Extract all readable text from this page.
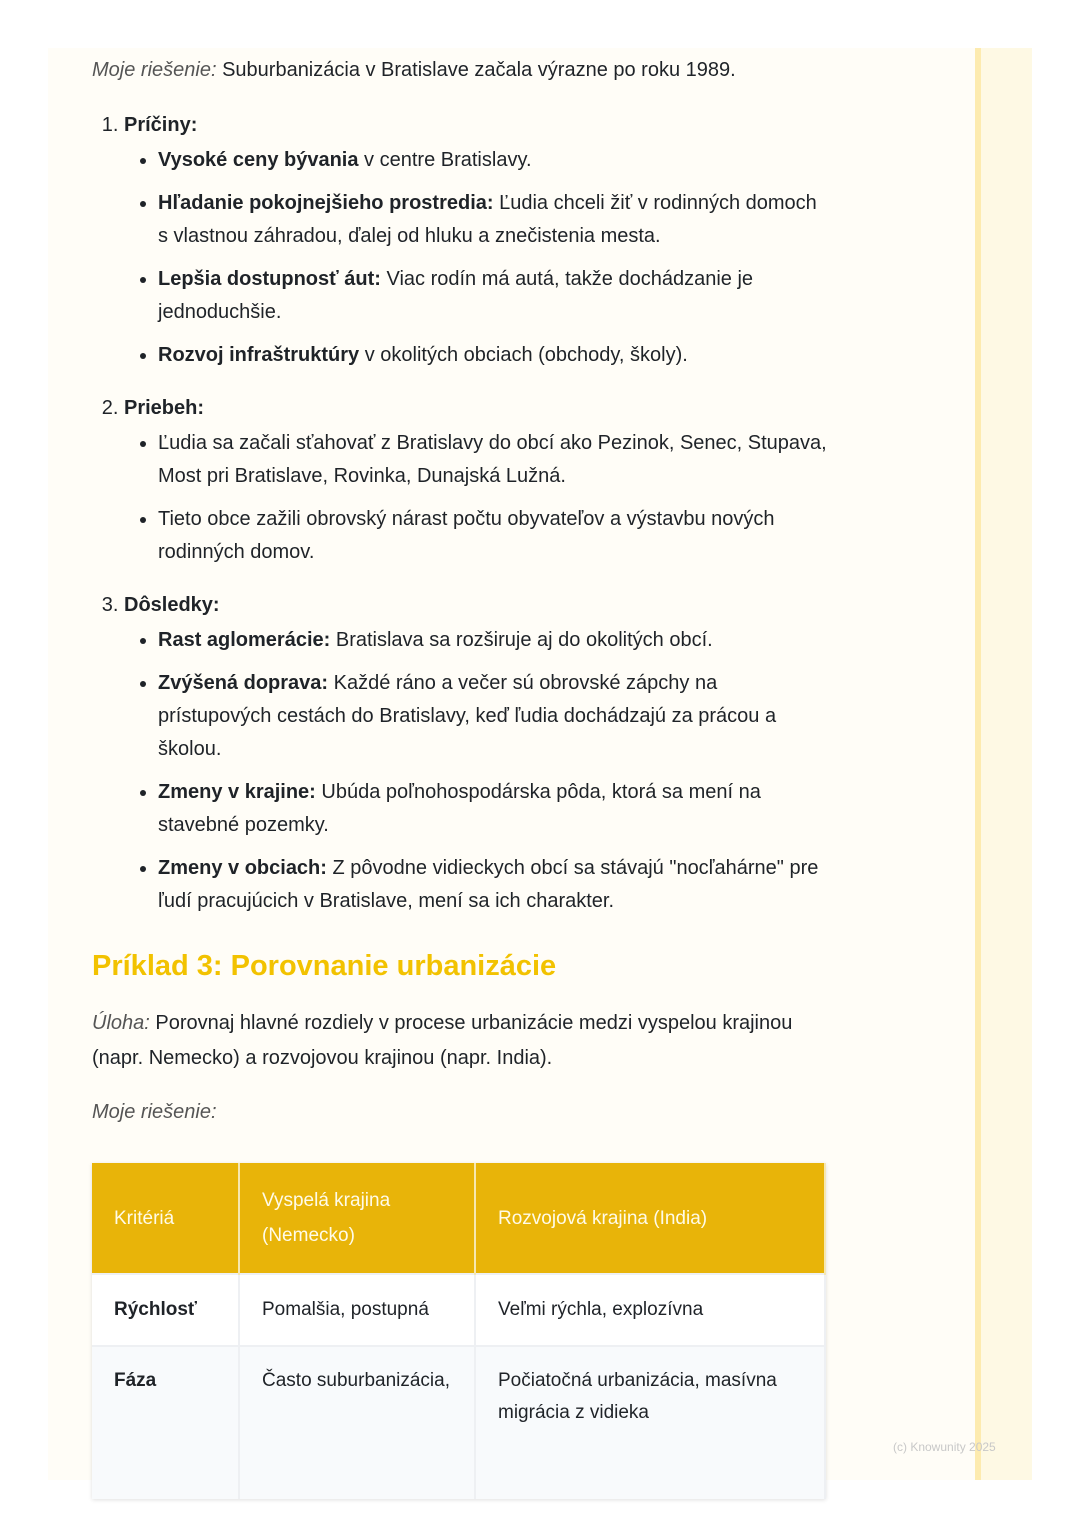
Moje riešenie: Suburbanizácia v Bratislave začala výrazne po roku 1989.

1. Príčiny:
• Vysoké ceny bývania v centre Bratislavy.
• Hľadanie pokojnejšieho prostredia: Ľudia chceli žiť v rodinných domoch s vlastnou záhradou, ďalej od hluku a znečistenia mesta.
• Lepšia dostupnosť áut: Viac rodín má autá, takže dochádzanie je jednoduchšie.
• Rozvoj infraštruktúry v okolitých obciach (obchody, školy).
2. Priebeh:
• Ľudia sa začali sťahovať z Bratislavy do obcí ako Pezinok, Senec, Stupava, Most pri Bratislave, Rovinka, Dunajská Lužná.
• Tieto obce zažili obrovský nárast počtu obyvateľov a výstavbu nových rodinných domov.
3. Dôsledky:
• Rast aglomerácie: Bratislava sa rozširuje aj do okolitých obcí.
• Zvýšená doprava: Každé ráno a večer sú obrovské zápchy na prístupových cestách do Bratislavy, keď ľudia dochádzajú za prácou a školou.
• Zmeny v krajine: Ubúda poľnohospodárska pôda, ktorá sa mení na stavebné pozemky.
• Zmeny v obciach: Z pôvodne vidieckych obcí sa stávajú "nocľahárne" pre ľudí pracujúcich v Bratislave, mení sa ich charakter.
Príklad 3: Porovnanie urbanizácie

Úloha: Porovnaj hlavné rozdiely v procese urbanizácie medzi vyspelou krajinou (napr. Nemecko) a rozvojovou krajinou (napr. India).

Moje riešenie:

Kritériá	Vyspelá krajina (Nemecko)	Rozvojová krajina (India)
Rýchlosť	Pomalšia, postupná	Veľmi rýchla, explozívna
Fáza	Často suburbanizácia,	Počiatočná urbanizácia, masívna migrácia z vidieka
(c) Knowunity 2025
